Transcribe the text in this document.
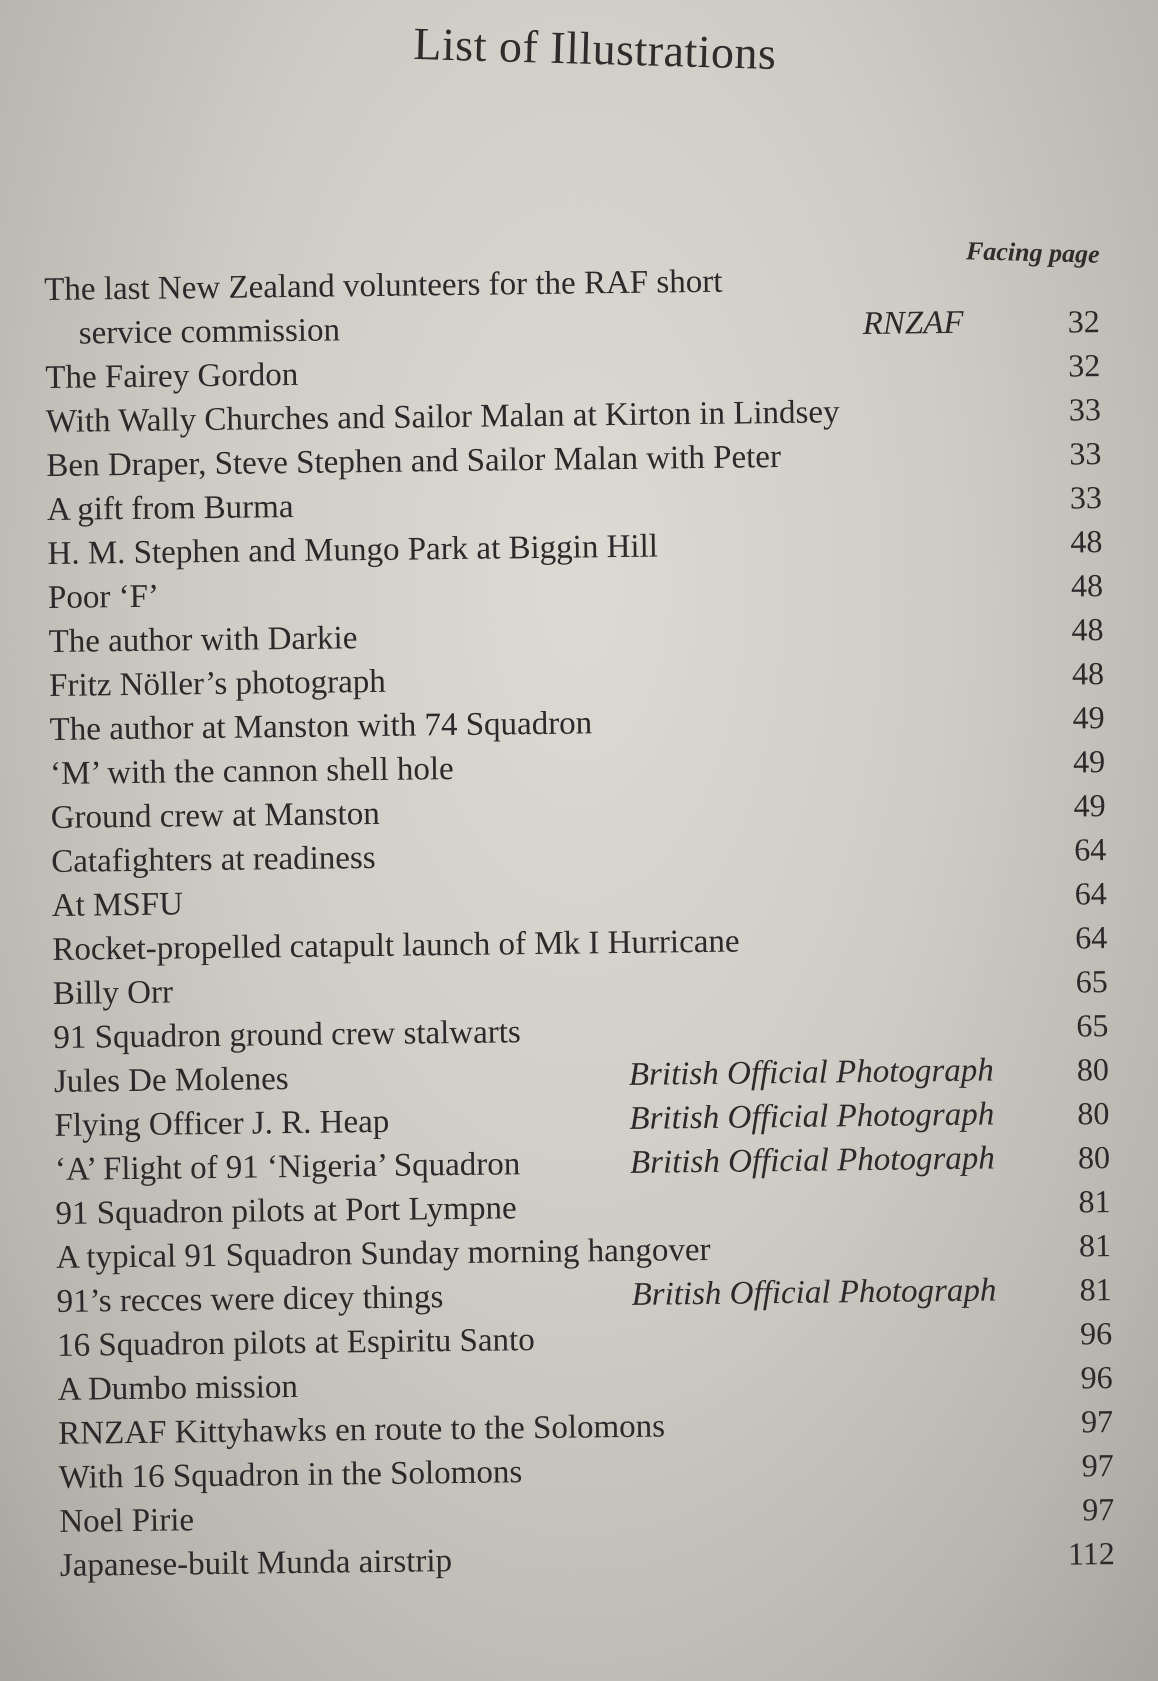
List of Illustrations
Facing page
The last New Zealand volunteers for the RAF short
service commission	RNZAF	32
The Fairey Gordon	32
With Wally Churches and Sailor Malan at Kirton in Lindsey	33
Ben Draper, Steve Stephen and Sailor Malan with Peter	33
A gift from Burma	33
H. M. Stephen and Mungo Park at Biggin Hill	48
Poor ‘F’	48
The author with Darkie	48
Fritz Nöller’s photograph	48
The author at Manston with 74 Squadron	49
‘M’ with the cannon shell hole	49
Ground crew at Manston	49
Catafighters at readiness	64
At MSFU	64
Rocket-propelled catapult launch of Mk I Hurricane	64
Billy Orr	65
91 Squadron ground crew stalwarts	65
Jules De Molenes	British Official Photograph	80
Flying Officer J. R. Heap	British Official Photograph	80
‘A’ Flight of 91 ‘Nigeria’ Squadron	British Official Photograph	80
91 Squadron pilots at Port Lympne	81
A typical 91 Squadron Sunday morning hangover	81
91’s recces were dicey things	British Official Photograph	81
16 Squadron pilots at Espiritu Santo	96
A Dumbo mission	96
RNZAF Kittyhawks en route to the Solomons	97
With 16 Squadron in the Solomons	97
Noel Pirie	97
Japanese-built Munda airstrip	112
